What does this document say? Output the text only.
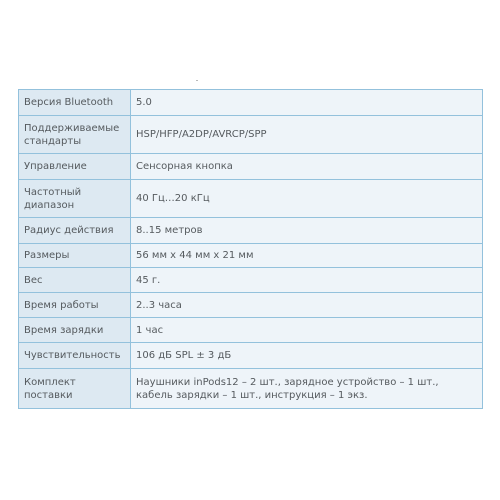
Версия Bluetooth	5.0
Поддерживаемые стандарты	HSP/HFP/A2DP/AVRCP/SPP
Управление	Сенсорная кнопка
Частотный диапазон	40 Гц…20 кГц
Радиус действия	8..15 метров
Размеры	56 мм х 44 мм х 21 мм
Вес	45 г.
Время работы	2..3 часа
Время зарядки	1 час
Чувствительность	106 дБ SPL ± 3 дБ
Комплект поставки	Наушники inPods12 – 2 шт., зарядное устройство – 1 шт., кабель зарядки – 1 шт., инструкция – 1 экз.
